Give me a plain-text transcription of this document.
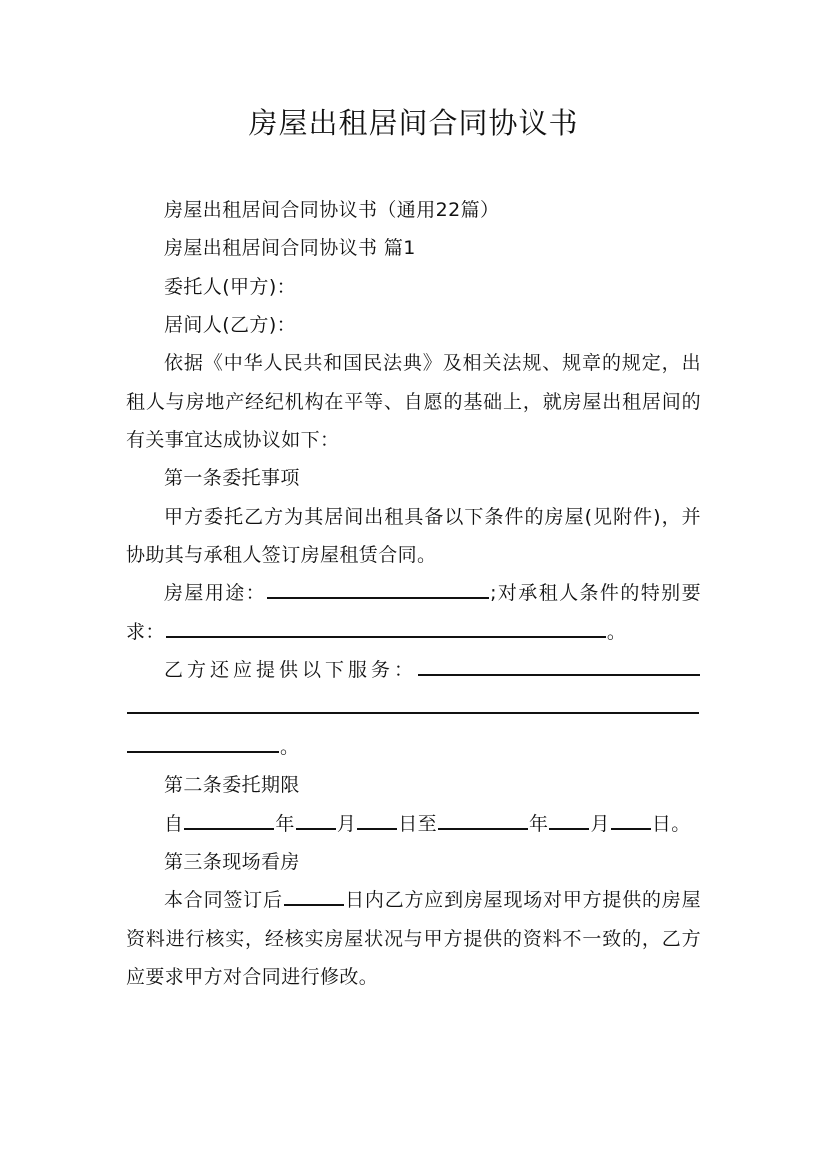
房屋出租居间合同协议书

房屋出租居间合同协议书（通用22篇）

房屋出租居间合同协议书 篇1

委托人(甲方)：

居间人(乙方)：

依据《中华人民共和国民法典》及相关法规、规章的规定，出租人与房地产经纪机构在平等、自愿的基础上，就房屋出租居间的有关事宜达成协议如下：

第一条委托事项

甲方委托乙方为其居间出租具备以下条件的房屋(见附件)，并协助其与承租人签订房屋租赁合同。

房屋用途：	;对承租人条件的特别要求：	。

乙方还应提供以下服务：。

第二条委托期限

自	年 月 日至	年 月 日。

第三条现场看房

本合同签订后	日内乙方应到房屋现场对甲方提供的房屋资料进行核实，经核实房屋状况与甲方提供的资料不一致的，乙方应要求甲方对合同进行修改。
